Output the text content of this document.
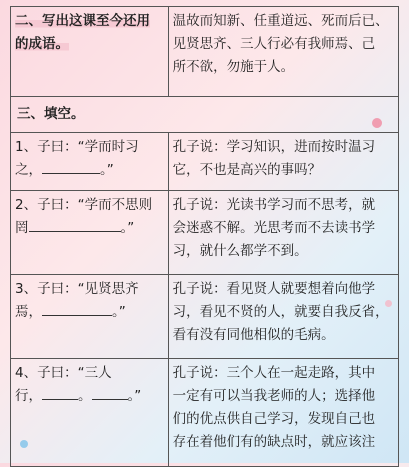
二、写出这课至今还用
的成语。	温故而知新、任重道远、死而后已、
见贤思齐、三人行必有我师焉、己
所不欲，勿施于人。
三、填空。	
1、子曰：“学而时习
之， 。”	孔子说：学习知识，进而按时温习
它，不也是高兴的事吗？
2、子曰：“学而不思则
罔 。”	孔子说：光读书学习而不思考，就
会迷惑不解。光思考而不去读书学
习，就什么都学不到。
3、子曰：“见贤思齐
焉， 。”	孔子说：看见贤人就要想着向他学
习，看见不贤的人，就要自我反省，
看有没有同他相似的毛病。
4、子曰：“三人
行， 。 。”	孔子说：三个人在一起走路，其中
一定有可以当我老师的人；选择他
们的优点供自己学习，发现自己也
存在着他们有的缺点时，就应该注
